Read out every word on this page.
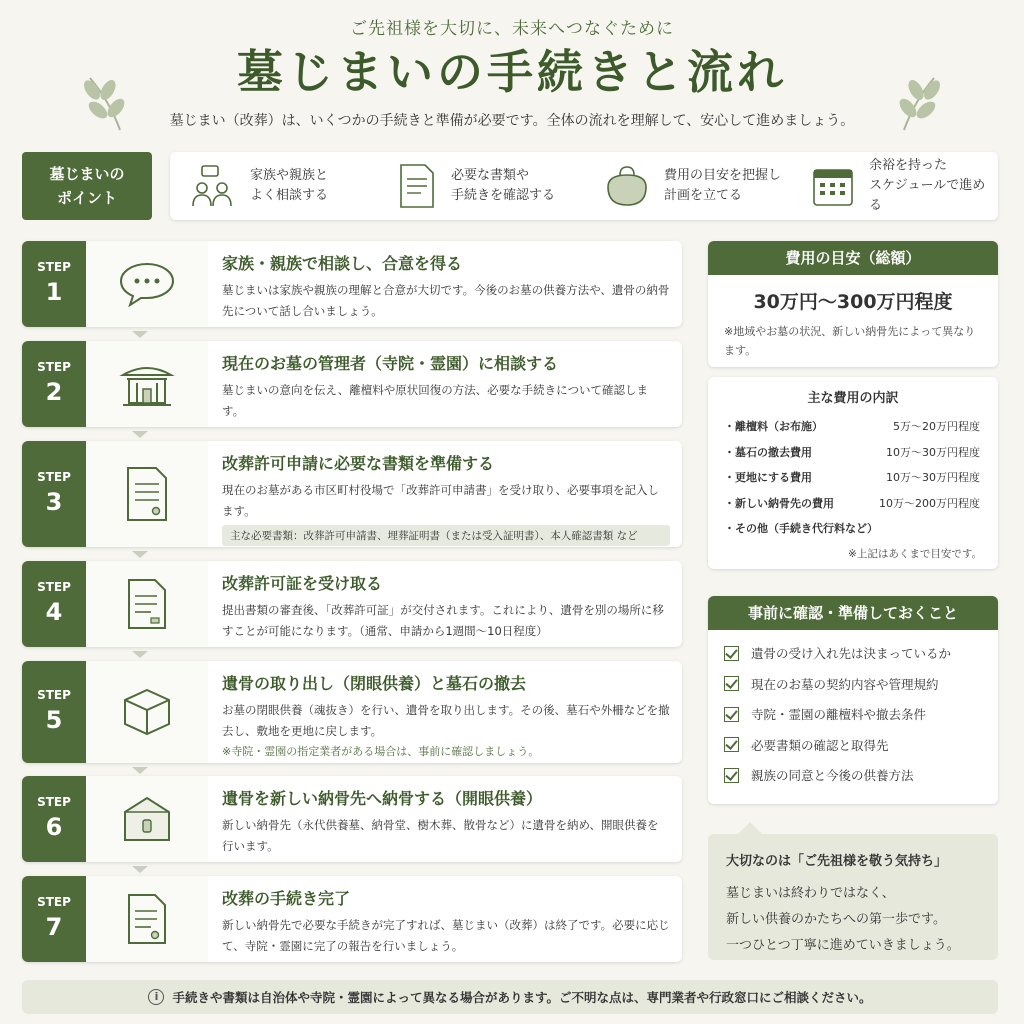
ご先祖様を大切に、未来へつなぐために
墓じまいの手続きと流れ
墓じまい（改葬）は、いくつかの手続きと準備が必要です。全体の流れを理解して、安心して進めましょう。
墓じまいの
ポイント
家族や親族と
よく相談する
必要な書類や
手続きを確認する
費用の目安を把握し
計画を立てる
余裕を持った
スケジュールで進める
STEP
1
家族・親族で相談し、合意を得る
墓じまいは家族や親族の理解と合意が大切です。今後のお墓の供養方法や、遺骨の納骨先について話し合いましょう。
STEP
2
現在のお墓の管理者（寺院・霊園）に相談する
墓じまいの意向を伝え、離檀料や原状回復の方法、必要な手続きについて確認します。
STEP
3
改葬許可申請に必要な書類を準備する
現在のお墓がある市区町村役場で「改葬許可申請書」を受け取り、必要事項を記入します。
主な必要書類：改葬許可申請書、埋葬証明書（または受入証明書）、本人確認書類 など
STEP
4
改葬許可証を受け取る
提出書類の審査後、「改葬許可証」が交付されます。これにより、遺骨を別の場所に移すことが可能になります。（通常、申請から1週間〜10日程度）
STEP
5
遺骨の取り出し（閉眼供養）と墓石の撤去
お墓の閉眼供養（魂抜き）を行い、遺骨を取り出します。その後、墓石や外柵などを撤去し、敷地を更地に戻します。
※寺院・霊園の指定業者がある場合は、事前に確認しましょう。
STEP
6
遺骨を新しい納骨先へ納骨する（開眼供養）
新しい納骨先（永代供養墓、納骨堂、樹木葬、散骨など）に遺骨を納め、開眼供養を行います。
STEP
7
改葬の手続き完了
新しい納骨先で必要な手続きが完了すれば、墓じまい（改葬）は終了です。必要に応じて、寺院・霊園に完了の報告を行いましょう。
費用の目安（総額）
30万円〜300万円程度
※地域やお墓の状況、新しい納骨先によって異なります。
主な費用の内訳
・離檀料（お布施）	5万〜20万円程度
・墓石の撤去費用	10万〜30万円程度
・更地にする費用	10万〜30万円程度
・新しい納骨先の費用	10万〜200万円程度
・その他（手続き代行料など）
※上記はあくまで目安です。
事前に確認・準備しておくこと
遺骨の受け入れ先は決まっているか
現在のお墓の契約内容や管理規約
寺院・霊園の離檀料や撤去条件
必要書類の確認と取得先
親族の同意と今後の供養方法
大切なのは「ご先祖様を敬う気持ち」
墓じまいは終わりではなく、
新しい供養のかたちへの第一歩です。
一つひとつ丁寧に進めていきましょう。
i	手続きや書類は自治体や寺院・霊園によって異なる場合があります。ご不明な点は、専門業者や行政窓口にご相談ください。
